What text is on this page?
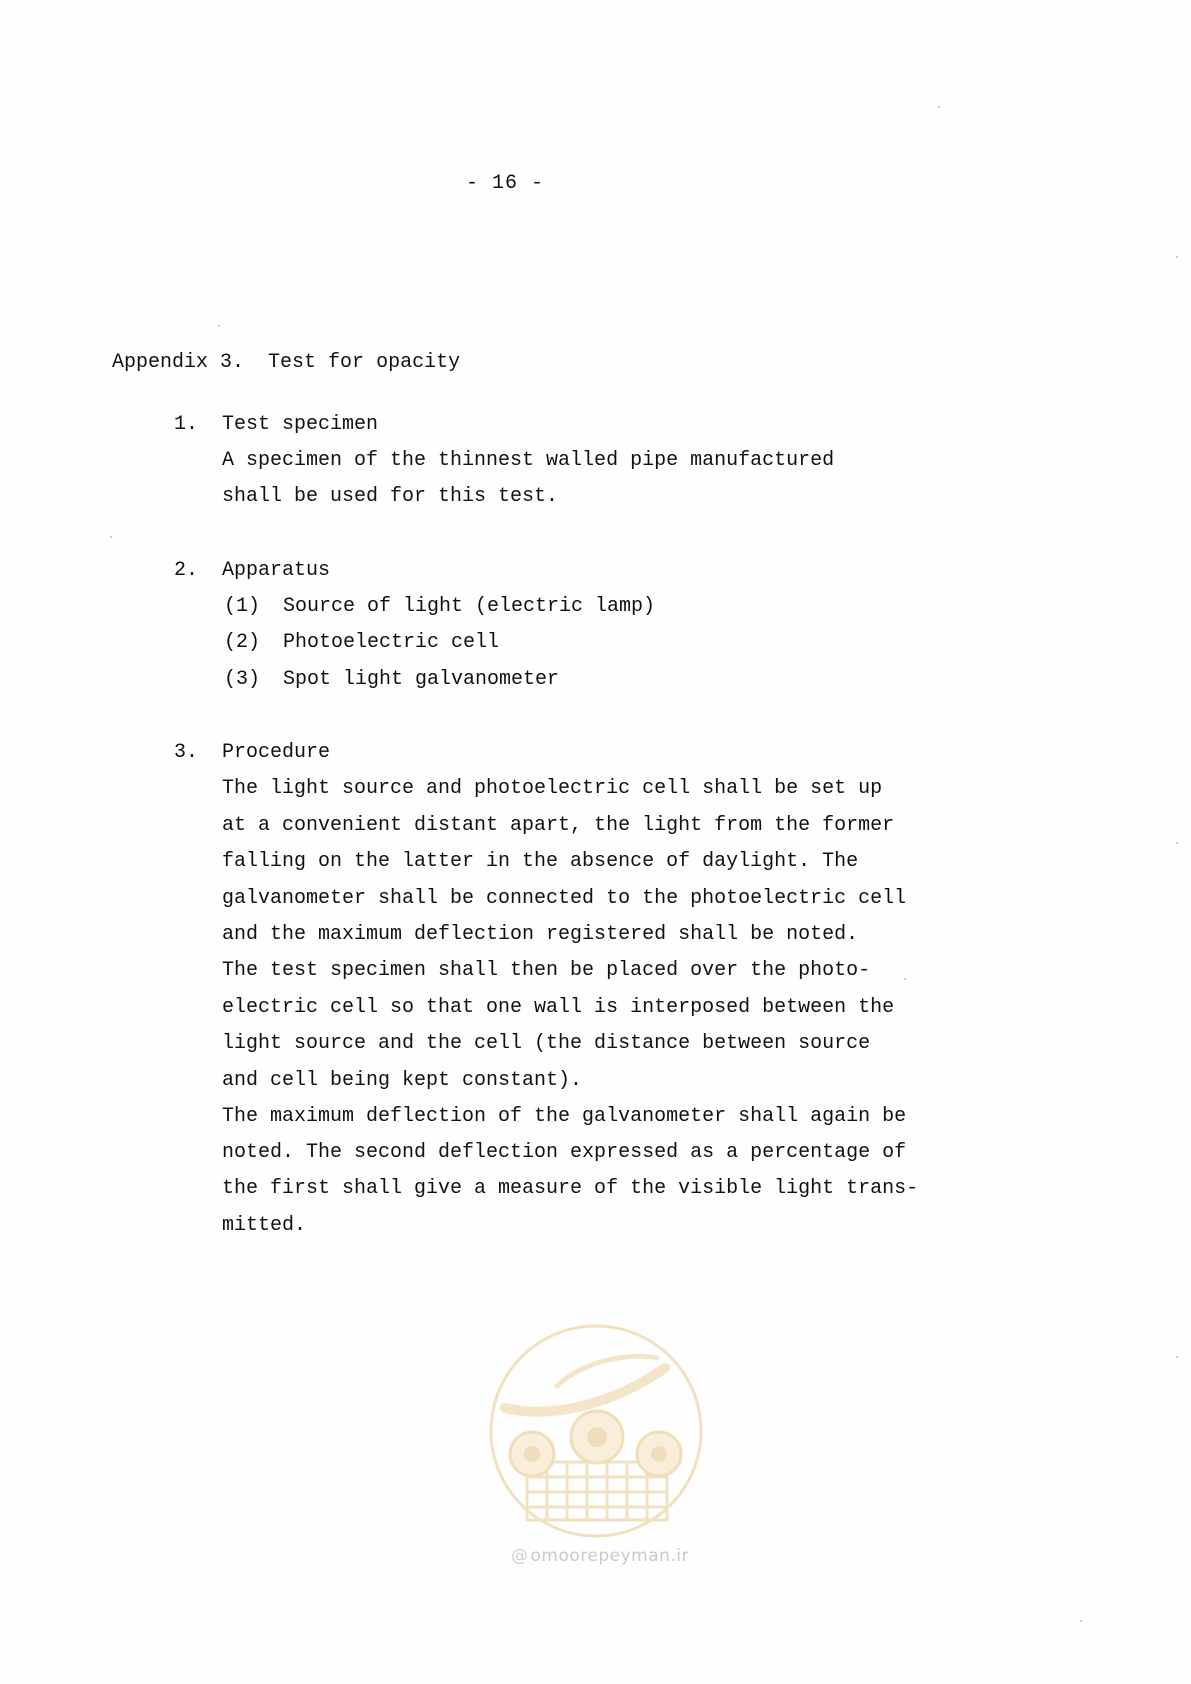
- 16 -
Appendix 3. Test for opacity
1. Test specimen
A specimen of the thinnest walled pipe manufactured
shall be used for this test.
2. Apparatus
(1) Source of light (electric lamp)
(2) Photoelectric cell
(3) Spot light galvanometer
3. Procedure
The light source and photoelectric cell shall be set up
at a convenient distant apart, the light from the former
falling on the latter in the absence of daylight. The
galvanometer shall be connected to the photoelectric cell
and the maximum deflection registered shall be noted.
The test specimen shall then be placed over the photo-
electric cell so that one wall is interposed between the
light source and the cell (the distance between source
and cell being kept constant).
The maximum deflection of the galvanometer shall again be
noted. The second deflection expressed as a percentage of
the first shall give a measure of the visible light trans-
mitted.
@ omoorepeyman.ir
